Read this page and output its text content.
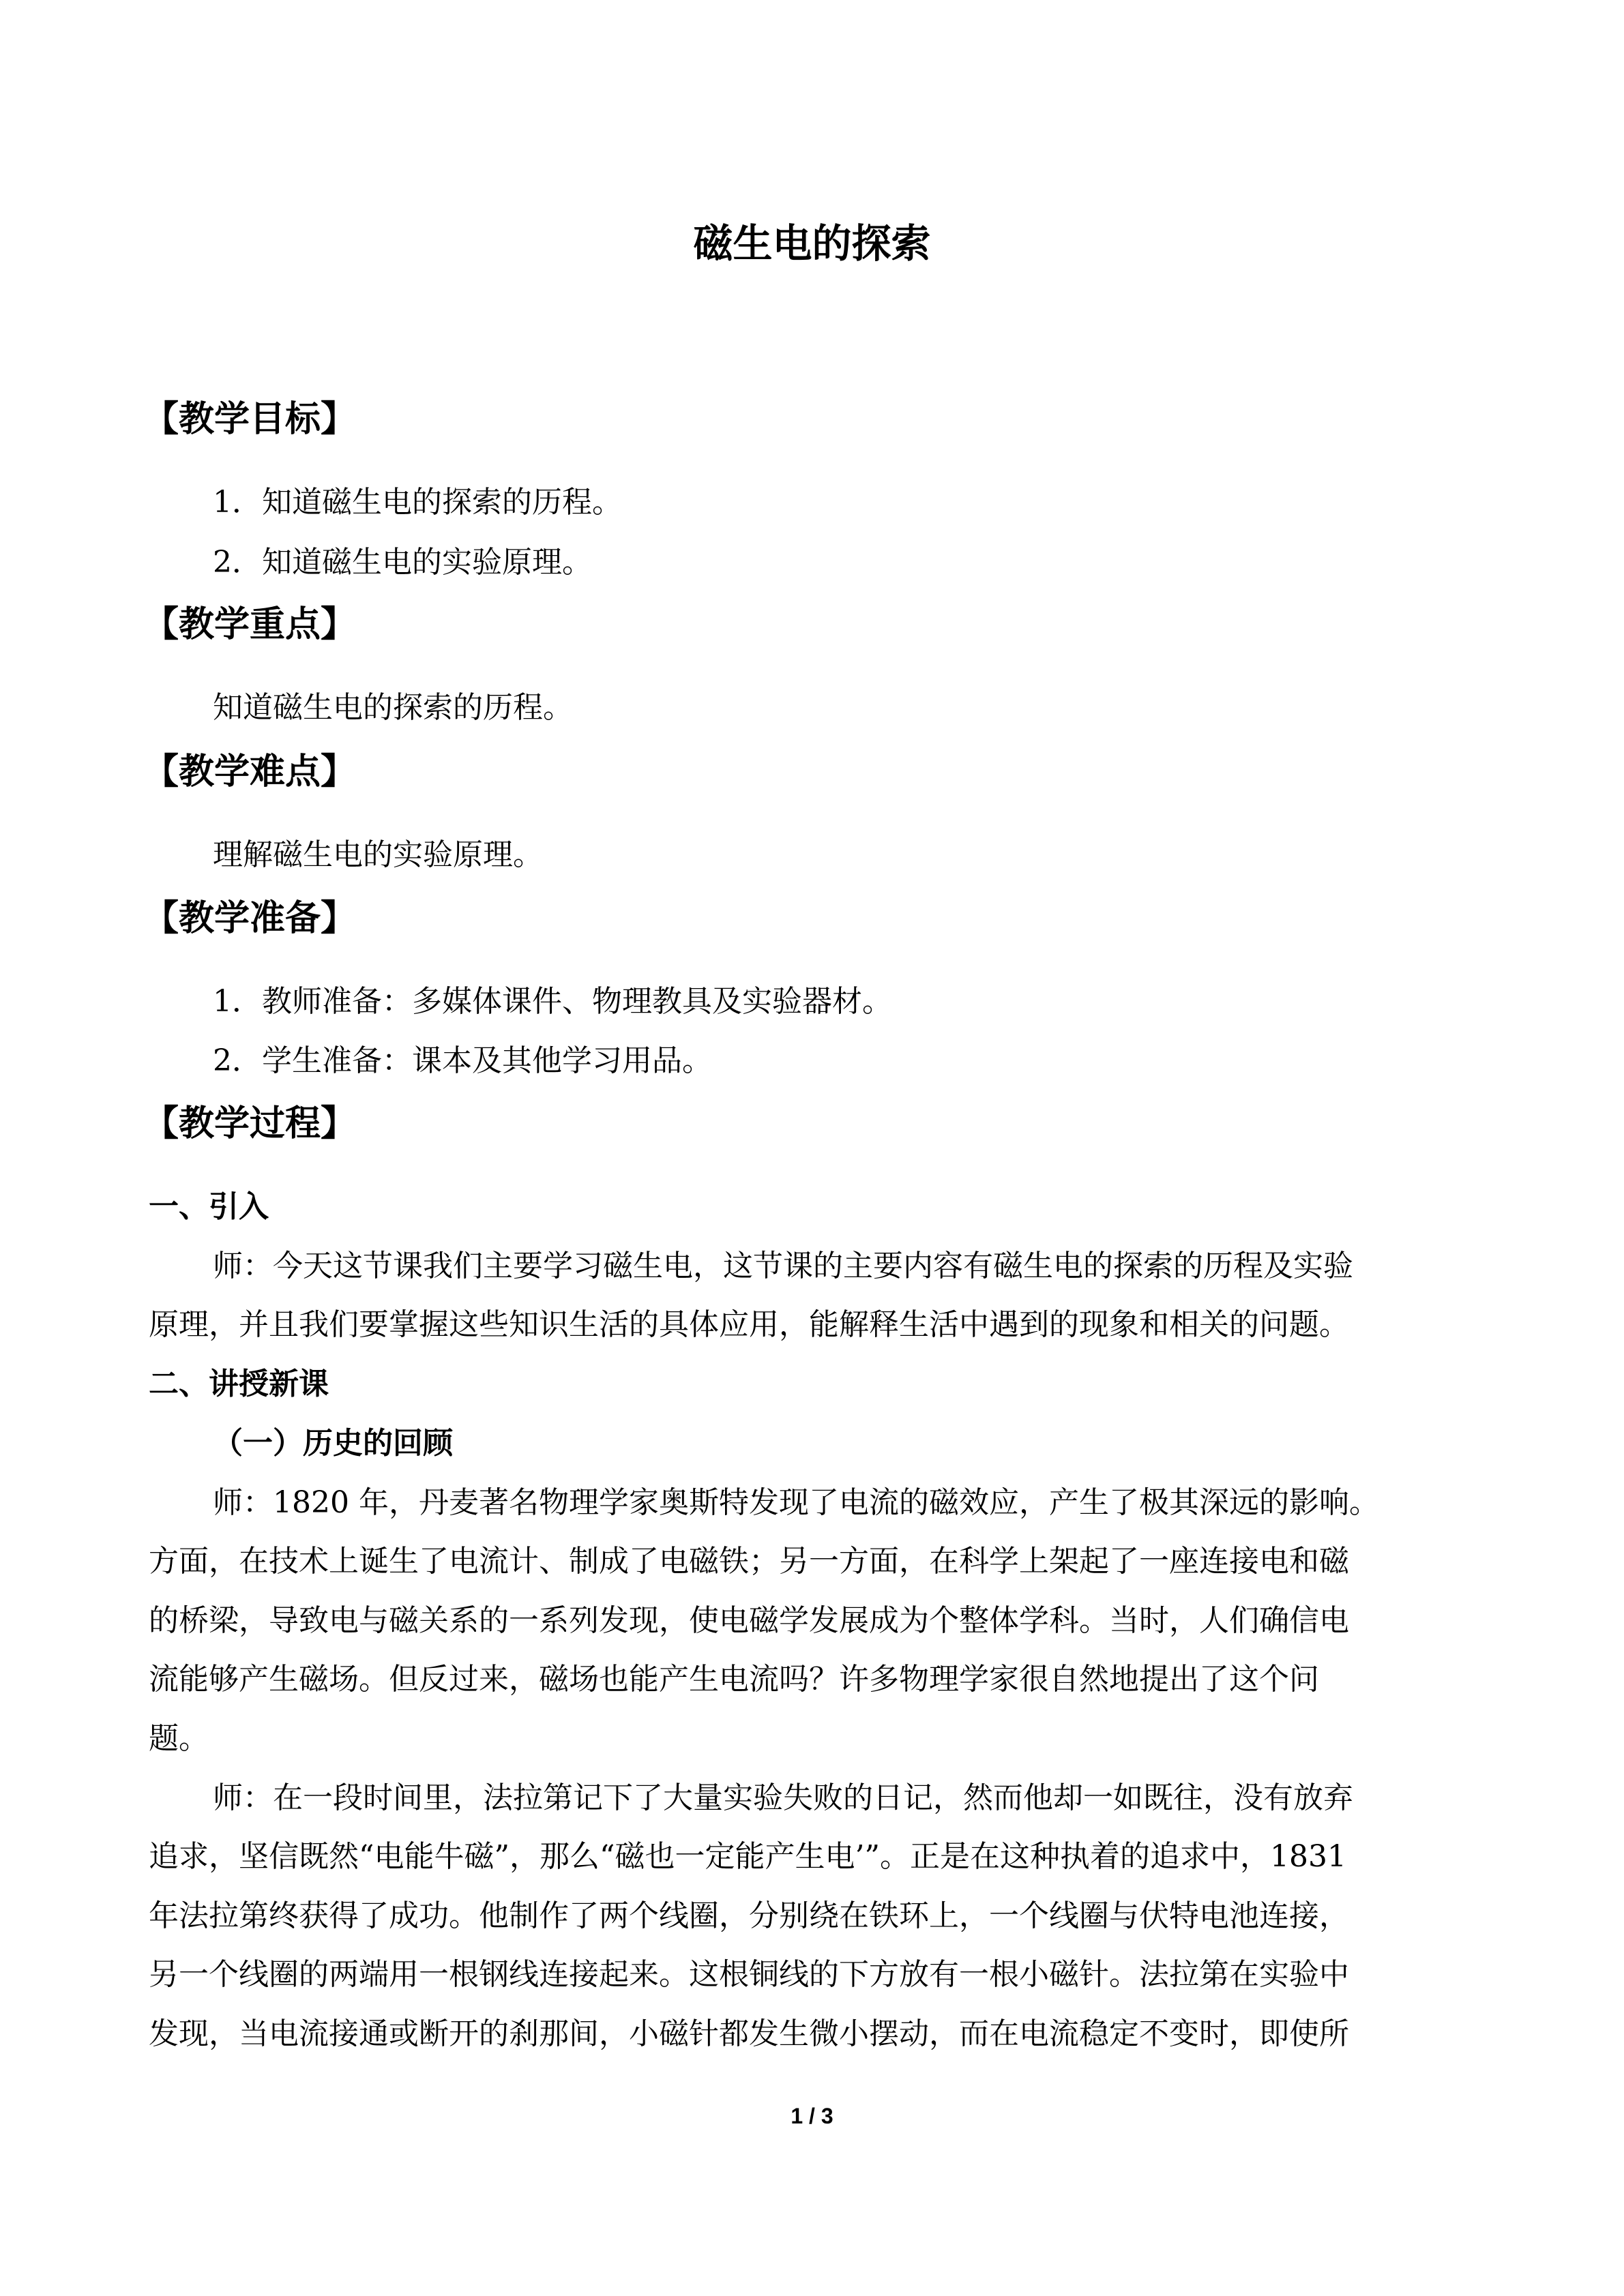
磁生电的探索
【教学目标】
1．知道磁生电的探索的历程。
2．知道磁生电的实验原理。
【教学重点】
知道磁生电的探索的历程。
【教学难点】
理解磁生电的实验原理。
【教学准备】
1．教师准备：多媒体课件、物理教具及实验器材。
2．学生准备：课本及其他学习用品。
【教学过程】
一、引入
师：今天这节课我们主要学习磁生电，这节课的主要内容有磁生电的探索的历程及实验
原理，并且我们要掌握这些知识生活的具体应用，能解释生活中遇到的现象和相关的问题。
二、讲授新课
（一）历史的回顾
师：1820 年，丹麦著名物理学家奥斯特发现了电流的磁效应，产生了极其深远的影响。
方面，在技术上诞生了电流计、制成了电磁铁；另一方面，在科学上架起了一座连接电和磁
的桥梁，导致电与磁关系的一系列发现，使电磁学发展成为个整体学科。当时，人们确信电
流能够产生磁场。但反过来，磁场也能产生电流吗？许多物理学家很自然地提出了这个问
题。
师：在一段时间里，法拉第记下了大量实验失败的日记，然而他却一如既往，没有放弃
追求，坚信既然“电能牛磁”，那么“磁也一定能产生电’”。正是在这种执着的追求中，1831
年法拉第终获得了成功。他制作了两个线圈，分别绕在铁环上，一个线圈与伏特电池连接，
另一个线圈的两端用一根钢线连接起来。这根铜线的下方放有一根小磁针。法拉第在实验中
发现，当电流接通或断开的刹那间，小磁针都发生微小摆动，而在电流稳定不变时，即使所
1 / 3
